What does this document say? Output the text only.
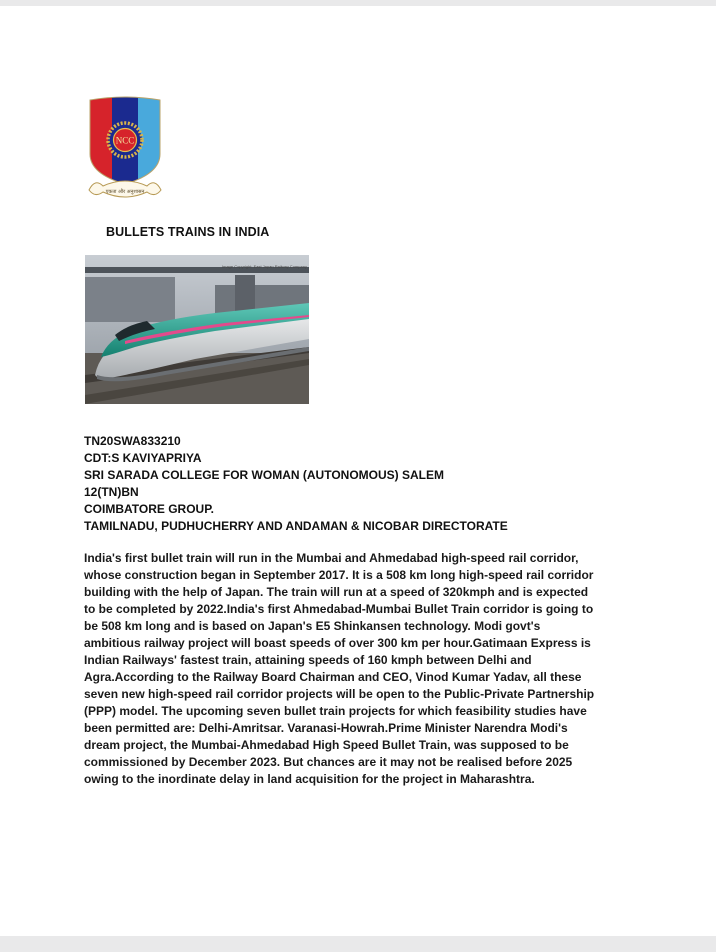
NCC
एकता और अनुशासन
BULLETS TRAINS IN INDIA
Image Copyright: East Japan Railway Company
TN20SWA833210
CDT:S KAVIYAPRIYA
SRI SARADA COLLEGE FOR WOMAN (AUTONOMOUS) SALEM
12(TN)BN
COIMBATORE GROUP.
TAMILNADU, PUDHUCHERRY AND ANDAMAN & NICOBAR DIRECTORATE
India's first bullet train will run in the Mumbai and Ahmedabad high-speed rail corridor,
whose construction began in September 2017. It is a 508 km long high-speed rail corridor
building with the help of Japan. The train will run at a speed of 320kmph and is expected
to be completed by 2022.India's first Ahmedabad-Mumbai Bullet Train corridor is going to
be 508 km long and is based on Japan's E5 Shinkansen technology. Modi govt's
ambitious railway project will boast speeds of over 300 km per hour.Gatimaan Express is
Indian Railways' fastest train, attaining speeds of 160 kmph between Delhi and
Agra.According to the Railway Board Chairman and CEO, Vinod Kumar Yadav, all these
seven new high-speed rail corridor projects will be open to the Public-Private Partnership
(PPP) model. The upcoming seven bullet train projects for which feasibility studies have
been permitted are: Delhi-Amritsar. Varanasi-Howrah.Prime Minister Narendra Modi's
dream project, the Mumbai-Ahmedabad High Speed Bullet Train, was supposed to be
commissioned by December 2023. But chances are it may not be realised before 2025
owing to the inordinate delay in land acquisition for the project in Maharashtra.
